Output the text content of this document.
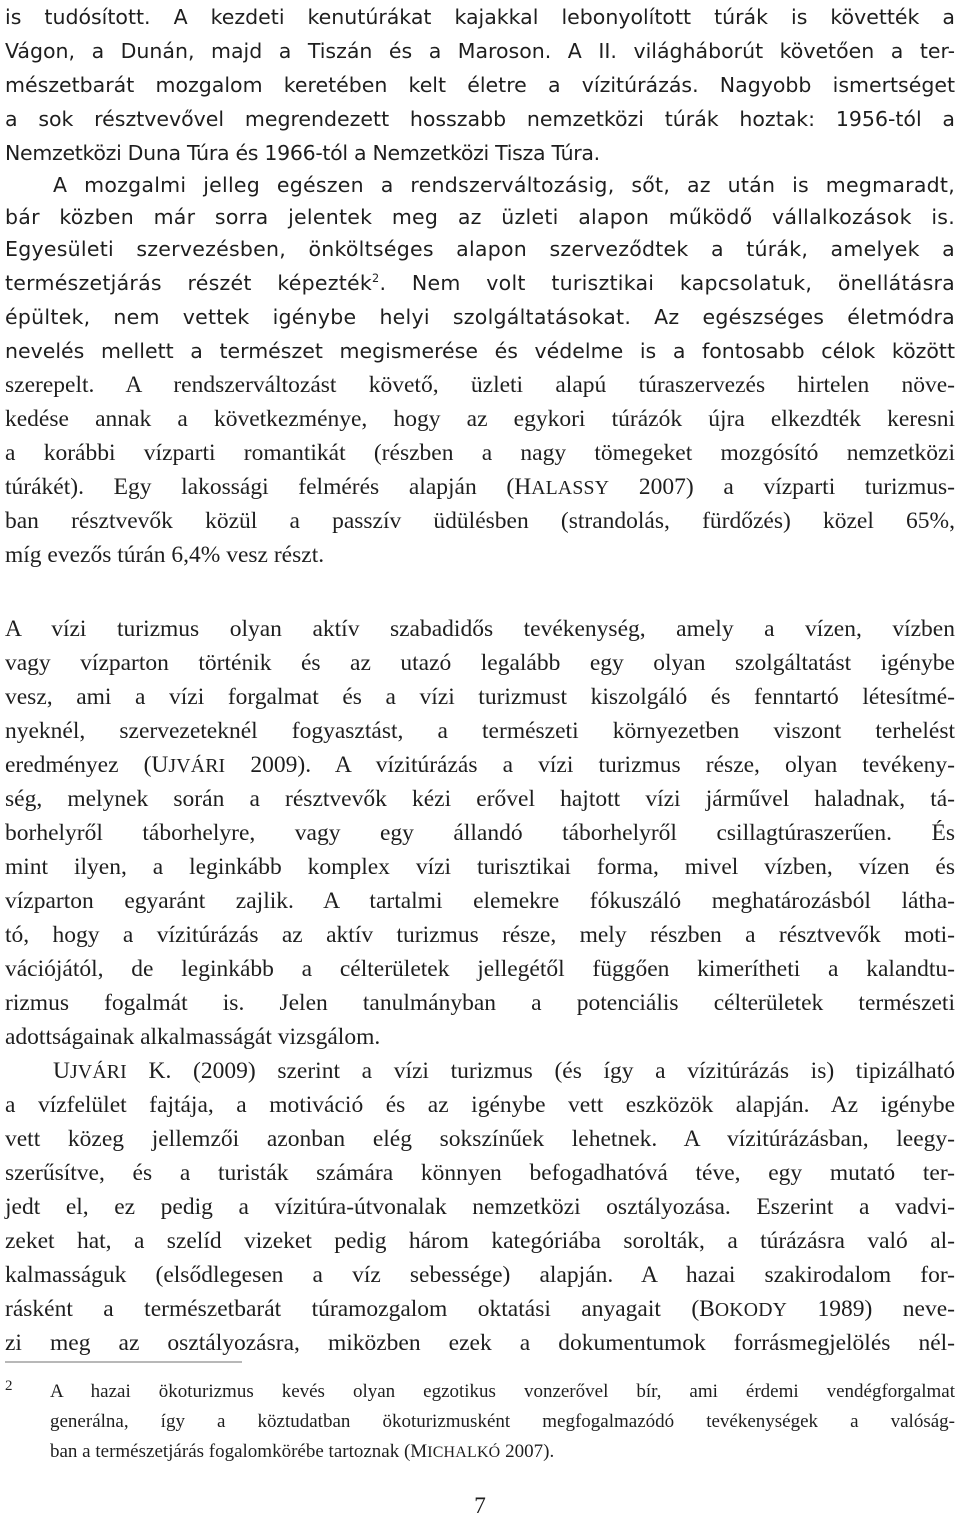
is tudósított. A kezdeti kenutúrákat kajakkal lebonyolított túrák is követték a
Vágon, a Dunán, majd a Tiszán és a Maroson. A II. világháborút követően a ter-
mészetbarát mozgalom keretében kelt életre a vízitúrázás. Nagyobb ismertséget
a sok résztvevővel megrendezett hosszabb nemzetközi túrák hoztak: 1956-tól a
Nemzetközi Duna Túra és 1966-tól a Nemzetközi Tisza Túra.
A mozgalmi jelleg egészen a rendszerváltozásig, sőt, az után is megmaradt,
bár közben már sorra jelentek meg az üzleti alapon működő vállalkozások is.
Egyesületi szervezésben, önköltséges alapon szerveződtek a túrák, amelyek a
természetjárás részét képezték$^2$. Nem volt turisztikai kapcsolatuk, önellátásra
épültek, nem vettek igénybe helyi szolgáltatásokat. Az egészséges életmódra
nevelés mellett a természet megismerése és védelme is a fontosabb célok között
szerepelt. A rendszerváltozást követő, üzleti alapú túraszervezés hirtelen növe-
kedése annak a következménye, hogy az egykori túrázók újra elkezdték keresni
a korábbi vízparti romantikát (részben a nagy tömegeket mozgósító nemzetközi
túrákét). Egy lakossági felmérés alapján (HALASSY 2007) a vízparti turizmus-
ban résztvevők közül a passzív üdülésben (strandolás, fürdőzés) közel 65%,
míg evezős túrán 6,4% vesz részt.
A vízi turizmus olyan aktív szabadidős tevékenység, amely a vízen, vízben
vagy vízparton történik és az utazó legalább egy olyan szolgáltatást igénybe
vesz, ami a vízi forgalmat és a vízi turizmust kiszolgáló és fenntartó létesítmé-
nyeknél, szervezeteknél fogyasztást, a természeti környezetben viszont terhelést
eredményez (UJVÁRI 2009). A vízitúrázás a vízi turizmus része, olyan tevékeny-
ség, melynek során a résztvevők kézi erővel hajtott vízi járművel haladnak, tá-
borhelyről táborhelyre, vagy egy állandó táborhelyről csillagtúraszerűen. És
mint ilyen, a leginkább komplex vízi turisztikai forma, mivel vízben, vízen és
vízparton egyaránt zajlik. A tartalmi elemekre fókuszáló meghatározásból látha-
tó, hogy a vízitúrázás az aktív turizmus része, mely részben a résztvevők moti-
vációjától, de leginkább a célterületek jellegétől függően kimerítheti a kalandtu-
rizmus fogalmát is. Jelen tanulmányban a potenciális célterületek természeti
adottságainak alkalmasságát vizsgálom.
UJVÁRI K. (2009) szerint a vízi turizmus (és így a vízitúrázás is) tipizálható
a vízfelület fajtája, a motiváció és az igénybe vett eszközök alapján. Az igénybe
vett közeg jellemzői azonban elég sokszínűek lehetnek. A vízitúrázásban, leegy-
szerűsítve, és a turisták számára könnyen befogadhatóvá téve, egy mutató ter-
jedt el, ez pedig a vízitúra-útvonalak nemzetközi osztályozása. Eszerint a vadvi-
zeket hat, a szelíd vizeket pedig három kategóriába sorolták, a túrázásra való al-
kalmasságuk (elsődlegesen a víz sebessége) alapján. A hazai szakirodalom for-
rásként a természetbarát túramozgalom oktatási anyagait (BOKODY 1989) neve-
zi meg az osztályozásra, miközben ezek a dokumentumok forrásmegjelölés nél-
2 A hazai ökoturizmus kevés olyan egzotikus vonzerővel bír, ami érdemi vendégforgalmat
generálna, így a köztudatban ökoturizmusként megfogalmazódó tevékenységek a valóság-
ban a természetjárás fogalomkörébe tartoznak (MICHALKÓ 2007).
7
